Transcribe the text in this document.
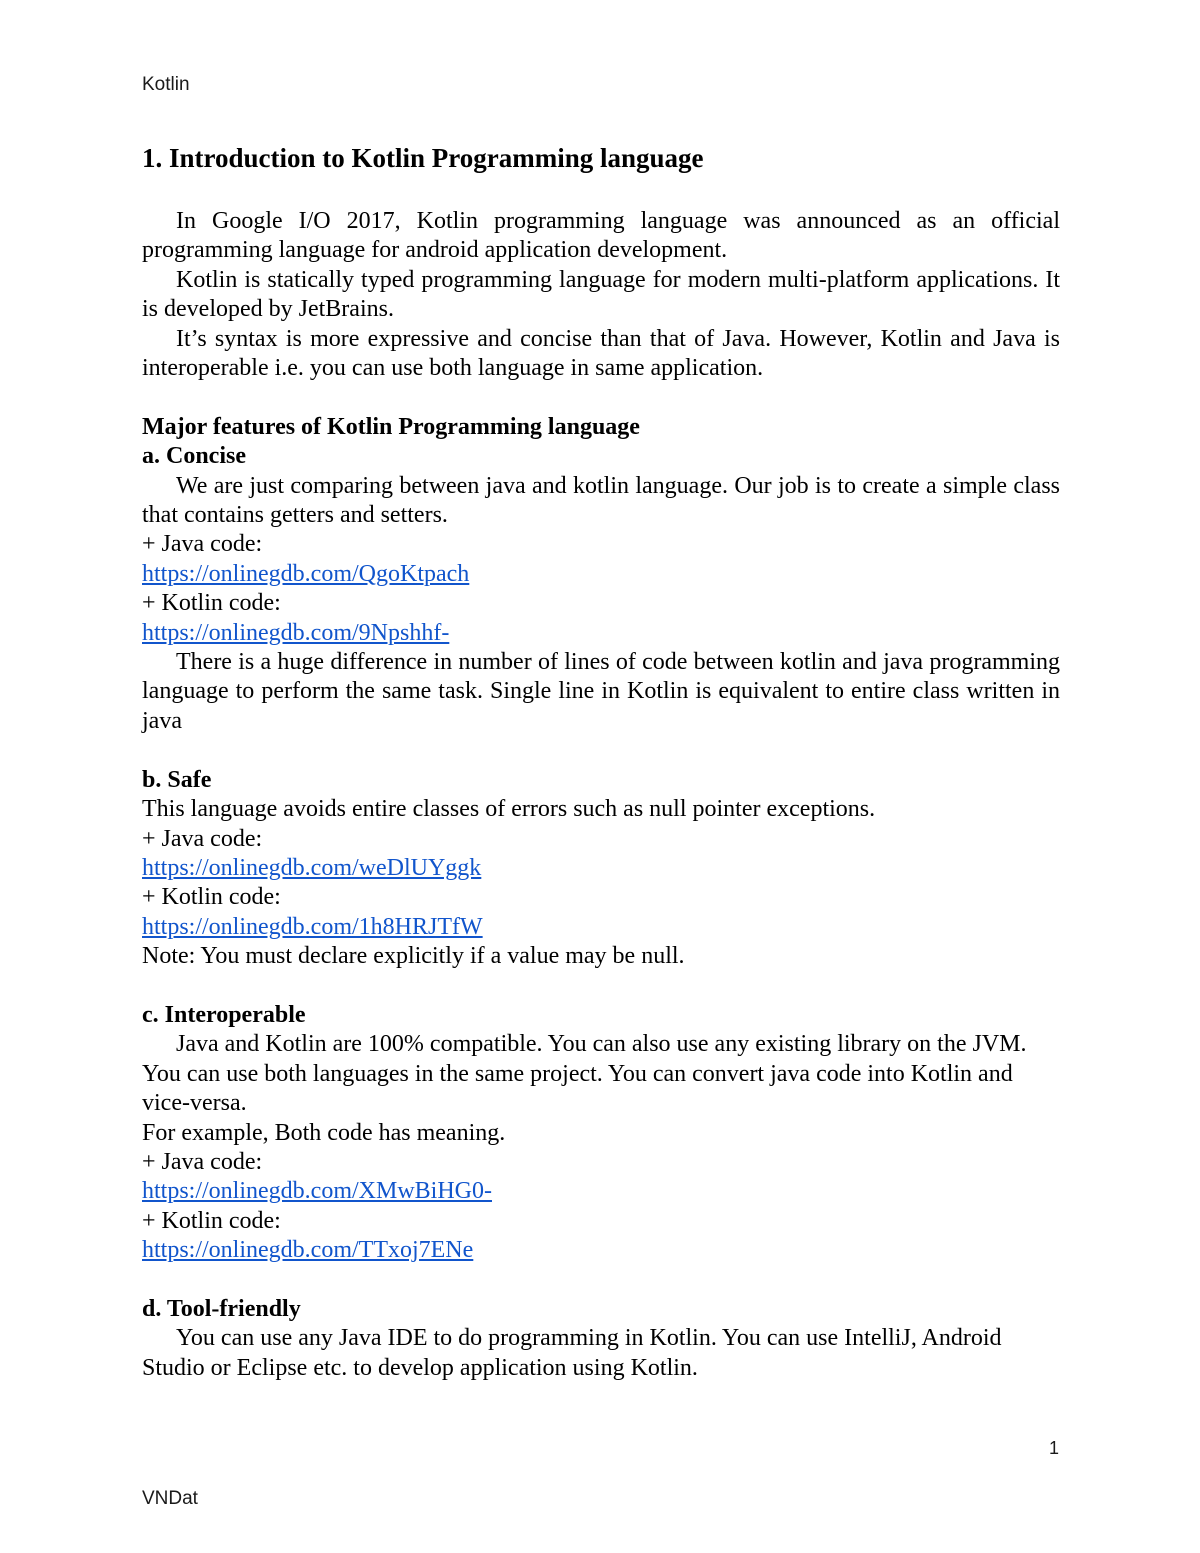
Kotlin
1. Introduction to Kotlin Programming language

In Google I/O 2017, Kotlin programming language was announced as an official programming language for android application development.

Kotlin is statically typed programming language for modern multi-platform applications. It is developed by JetBrains.

It’s syntax is more expressive and concise than that of Java. However, Kotlin and Java is interoperable i.e. you can use both language in same application.

Major features of Kotlin Programming language

a. Concise

We are just comparing between java and kotlin language. Our job is to create a simple class that contains getters and setters.

+ Java code:

https://onlinegdb.com/QgoKtpach

+ Kotlin code:

https://onlinegdb.com/9Npshhf-

There is a huge difference in number of lines of code between kotlin and java programming language to perform the same task. Single line in Kotlin is equivalent to entire class written in java

b. Safe

This language avoids entire classes of errors such as null pointer exceptions.

+ Java code:

https://onlinegdb.com/weDlUYggk

+ Kotlin code:

https://onlinegdb.com/1h8HRJTfW

Note: You must declare explicitly if a value may be null.

c. Interoperable

Java and Kotlin are 100% compatible. You can also use any existing library on the JVM. You can use both languages in the same project. You can convert java code into Kotlin and vice-versa.

For example, Both code has meaning.

+ Java code:

https://onlinegdb.com/XMwBiHG0-

+ Kotlin code:

https://onlinegdb.com/TTxoj7ENe

d. Tool-friendly

You can use any Java IDE to do programming in Kotlin. You can use IntelliJ, Android Studio or Eclipse etc. to develop application using Kotlin.

1
VNDat
